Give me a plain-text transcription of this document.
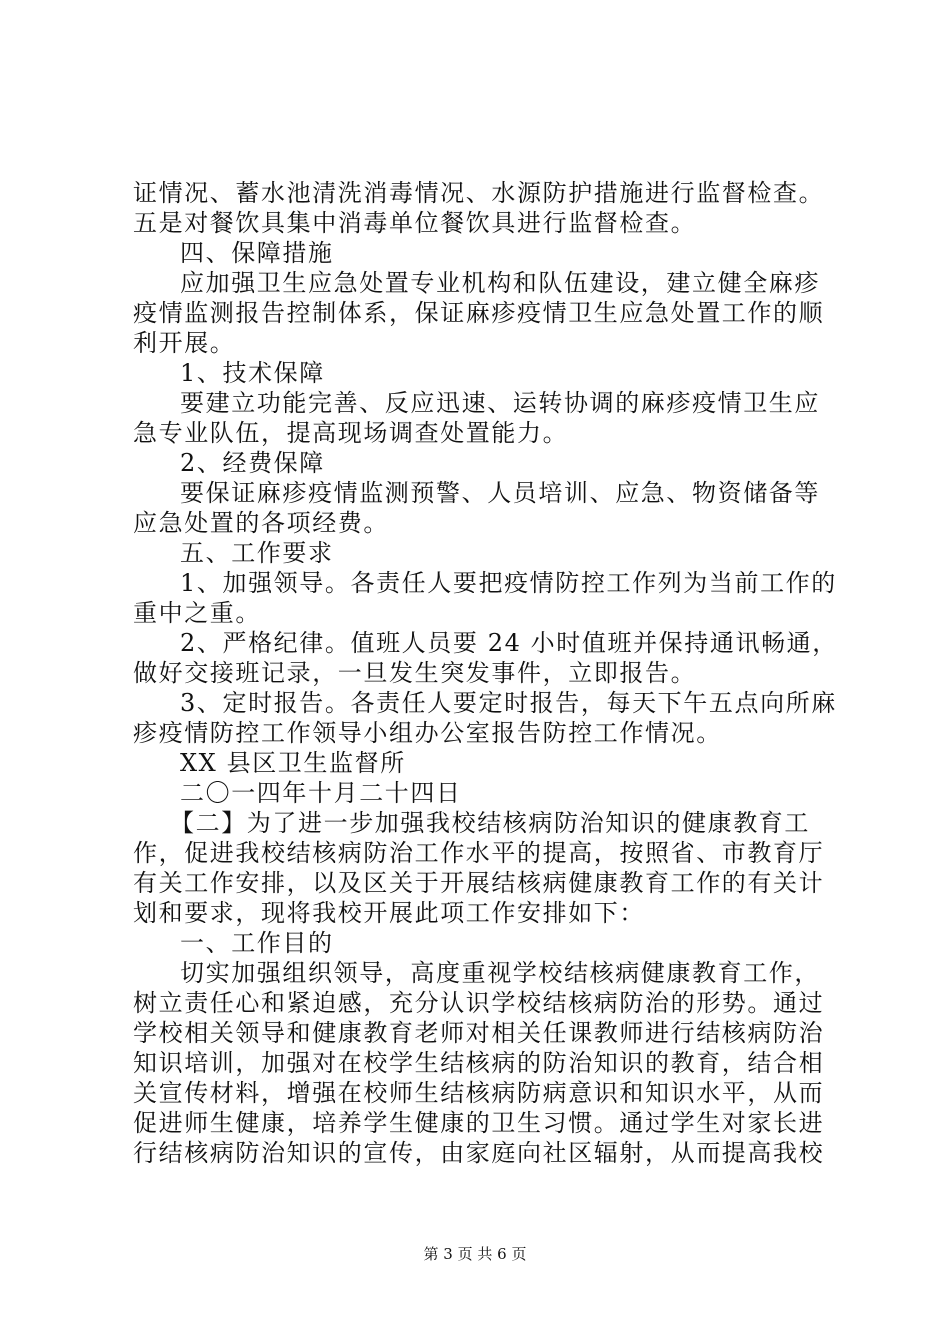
证情况、蓄水池清洗消毒情况、水源防护措施进行监督检查。
五是对餐饮具集中消毒单位餐饮具进行监督检查。
四、保障措施
应加强卫生应急处置专业机构和队伍建设，建立健全麻疹
疫情监测报告控制体系，保证麻疹疫情卫生应急处置工作的顺
利开展。
1、技术保障
要建立功能完善、反应迅速、运转协调的麻疹疫情卫生应
急专业队伍，提高现场调查处置能力。
2、经费保障
要保证麻疹疫情监测预警、人员培训、应急、物资储备等
应急处置的各项经费。
五、工作要求
1、加强领导。各责任人要把疫情防控工作列为当前工作的
重中之重。
2、严格纪律。值班人员要 24 小时值班并保持通讯畅通，
做好交接班记录，一旦发生突发事件，立即报告。
3、定时报告。各责任人要定时报告，每天下午五点向所麻
疹疫情防控工作领导小组办公室报告防控工作情况。
XX 县区卫生监督所
二〇一四年十月二十四日
【二】为了进一步加强我校结核病防治知识的健康教育工
作，促进我校结核病防治工作水平的提高，按照省、市教育厅
有关工作安排，以及区关于开展结核病健康教育工作的有关计
划和要求，现将我校开展此项工作安排如下：
一、工作目的
切实加强组织领导，高度重视学校结核病健康教育工作，
树立责任心和紧迫感，充分认识学校结核病防治的形势。通过
学校相关领导和健康教育老师对相关任课教师进行结核病防治
知识培训，加强对在校学生结核病的防治知识的教育，结合相
关宣传材料，增强在校师生结核病防病意识和知识水平，从而
促进师生健康，培养学生健康的卫生习惯。通过学生对家长进
行结核病防治知识的宣传，由家庭向社区辐射，从而提高我校
第 3 页 共 6 页
